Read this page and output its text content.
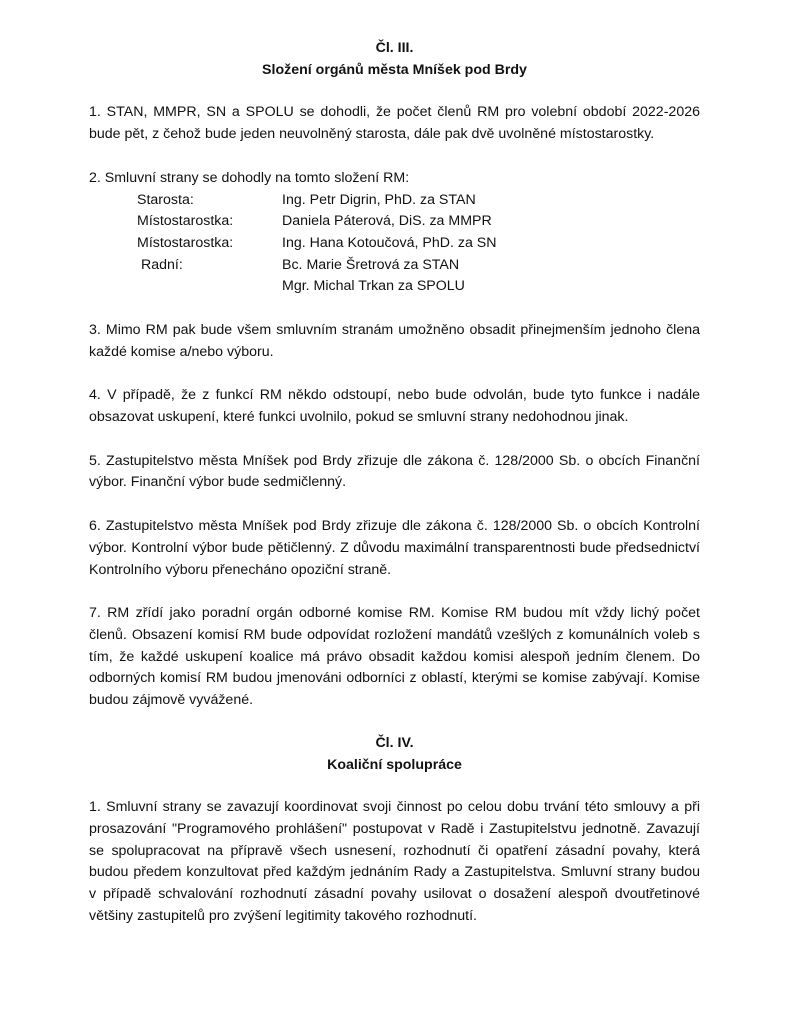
Čl. III.
Složení orgánů města Mníšek pod Brdy

1. STAN, MMPR, SN a SPOLU se dohodli, že počet členů RM pro volební období 2022-2026 bude pět, z čehož bude jeden neuvolněný starosta, dále pak dvě uvolněné místostarostky.

2. Smluvní strany se dohodly na tomto složení RM:

Starosta:	Ing. Petr Digrin, PhD. za STAN
Místostarostka:	Daniela Páterová, DiS. za MMPR
Místostarostka:	Ing. Hana Kotoučová, PhD. za SN
Radní:	Bc. Marie Šretrová za STAN
Mgr. Michal Trkan za SPOLU

3. Mimo RM pak bude všem smluvním stranám umožněno obsadit přinejmenším jednoho člena každé komise a/nebo výboru.

4. V případě, že z funkcí RM někdo odstoupí, nebo bude odvolán, bude tyto funkce i nadále obsazovat uskupení, které funkci uvolnilo, pokud se smluvní strany nedohodnou jinak.

5. Zastupitelstvo města Mníšek pod Brdy zřizuje dle zákona č. 128/2000 Sb. o obcích Finanční výbor. Finanční výbor bude sedmičlenný.

6. Zastupitelstvo města Mníšek pod Brdy zřizuje dle zákona č. 128/2000 Sb. o obcích Kontrolní výbor. Kontrolní výbor bude pětičlenný. Z důvodu maximální transparentnosti bude předsednictví Kontrolního výboru přenecháno opoziční straně.

7. RM zřídí jako poradní orgán odborné komise RM. Komise RM budou mít vždy lichý počet členů. Obsazení komisí RM bude odpovídat rozložení mandátů vzešlých z komunálních voleb s tím, že každé uskupení koalice má právo obsadit každou komisi alespoň jedním členem. Do odborných komisí RM budou jmenováni odborníci z oblastí, kterými se komise zabývají. Komise budou zájmově vyvážené.

Čl. IV.
Koaliční spolupráce

1. Smluvní strany se zavazují koordinovat svoji činnost po celou dobu trvání této smlouvy a při prosazování "Programového prohlášení" postupovat v Radě i Zastupitelstvu jednotně. Zavazují se spolupracovat na přípravě všech usnesení, rozhodnutí či opatření zásadní povahy, která budou předem konzultovat před každým jednáním Rady a Zastupitelstva. Smluvní strany budou v případě schvalování rozhodnutí zásadní povahy usilovat o dosažení alespoň dvoutřetinové většiny zastupitelů pro zvýšení legitimity takového rozhodnutí.
